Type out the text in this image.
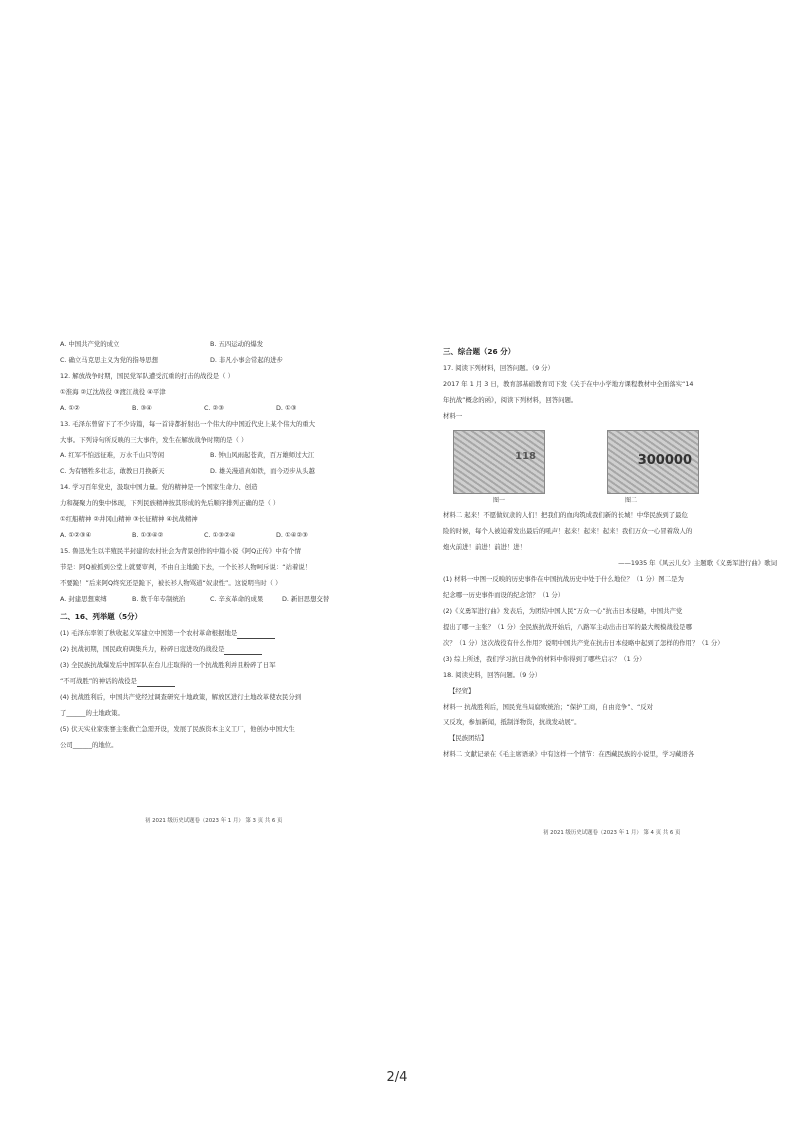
A. 中国共产党的成立	B. 五四运动的爆发
C. 确立马克思主义为党的指导思想	D. 非凡小事会常起的进步
12. 解放战争时期，国民党军队遭受沉重的打击的战役是（ ）
①淮海 ②辽沈战役 ③渡江战役 ④平津
A. ①②	B. ③④	C. ②③	D. ①③
13. 毛泽东曾留下了不少诗篇，每一首诗都折射出一个伟大的中国近代史上某个伟大的重大
大事。下列诗句所反映的三大事件，发生在解放战争时期的是（ ）
A. 红军不怕远征难，万水千山只等闲	B. 钟山风雨起苍黄，百万雄师过大江
C. 为有牺牲多壮志，敢教日月换新天	D. 雄关漫道真如铁，而今迈步从头越
14. 学习百年党史，汲取中国力量。党的精神是一个国家生命力、创造
力和凝聚力的集中体现，下列民族精神按其形成的先后顺序排列正确的是（ ）
①红船精神 ②井冈山精神 ③长征精神 ④抗战精神
A. ①②③④	B. ①③④②	C. ①③②④	D. ①④②③
15. 鲁迅先生以半殖民半封建的农村社会为背景创作的中篇小说《阿Q正传》中有个情
节是：阿Q被抓到公堂上就要审判，不由自主地跪下去，一个长衫人物呵斥说：“站着说！
不要跪！”后来阿Q终究还是跪下，被长衫人物骂道“奴隶性”。这说明当时（ ）
A. 封建思想束缚	B. 数千年专制统治	C. 辛亥革命的成果	D. 新旧思想交替
二、16、列举题（5分）
(1) 毛泽东率领了秋收起义军建立中国第一个农村革命根据地是
(2) 抗战初期，国民政府调集兵力，粉碎日寇进攻的战役是
(3) 全民族抗战爆发后中国军队在台儿庄取得的一个抗战胜利并且粉碎了日军
“不可战胜”的神话的战役是
(4) 抗战胜利后，中国共产党经过调查研究十地政策，解放区进行土地改革使农民分到
了______的土地政策。
(5) 伏天实业家张謇主张救亡急需开设，发展了民族资本主义工厂，他创办中国大生
公司______的地位。
初 2021 级历史试题卷（2023 年 1 月） 第 3 页 共 6 页
三、综合题（26 分）
17. 阅读下列材料，回答问题。（9 分）
2017 年 1 月 3 日，教育部基础教育司下发《关于在中小学地方课程教材中全面落实“14
年抗战”概念的函》，阅读下列材料，回答问题。
材料一
118	300000
图一	图二
材料二 起来！不愿做奴隶的人们！把我们的血肉筑成我们新的长城！中华民族到了最危
险的时候，每个人被迫着发出最后的吼声！起来！起来！起来！我们万众一心冒着敌人的
炮火前进！前进！前进！进！
——1935 年《风云儿女》主题歌《义勇军进行曲》歌词
(1) 材料一中图一反映的历史事件在中国抗战历史中处于什么地位？（1 分）图二是为
纪念哪一历史事件而设的纪念馆？（1 分）
(2)《义勇军进行曲》发表后，为团结中国人民“万众一心”抗击日本侵略，中国共产党
提出了哪一主张？（1 分）全民族抗战开始后，八路军主动出击日军的最大规模战役是哪
次？（1 分）这次战役有什么作用？说明中国共产党在抗击日本侵略中起到了怎样的作用？（1 分）
(3) 综上所述，我们学习抗日战争的材料中你得到了哪些启示？（1 分）
18. 阅读史料，回答问题。（9 分）
【经贸】
材料一 抗战胜利后，国民党当局腐败统治；“保护工商，自由竞争”、“反对
又反攻，参加新闻，抵制洋物资，抗战发动展”。
【民族团结】
材料二 文献记录在《毛主席语录》中有这样一个情节：在西藏民族的小说里，学习藏语各
初 2021 级历史试题卷（2023 年 1 月） 第 4 页 共 6 页
2/4
